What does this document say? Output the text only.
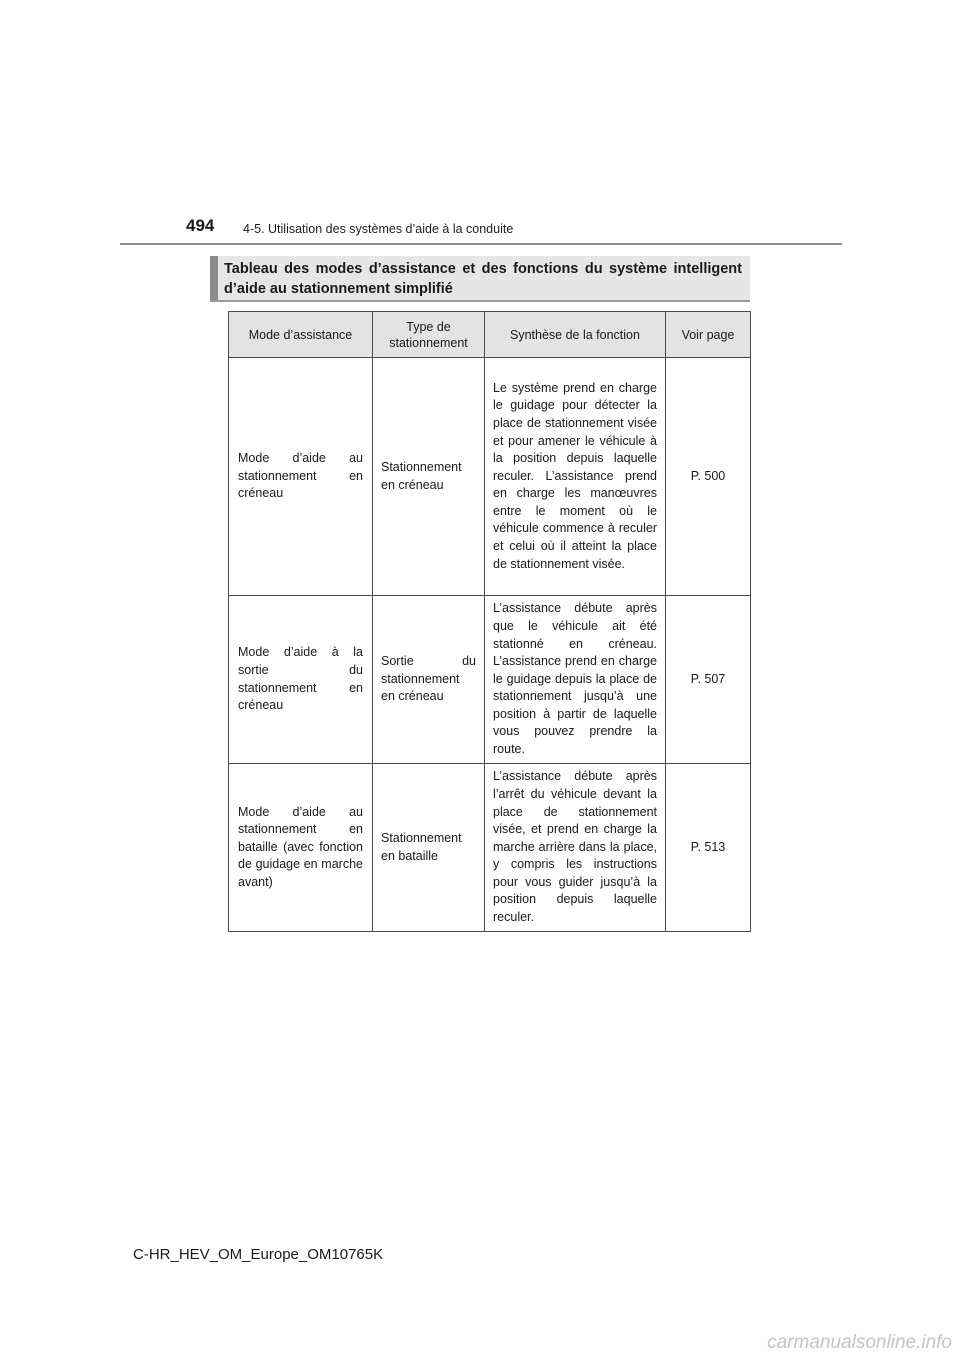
494 4-5. Utilisation des systèmes d’aide à la conduite
Tableau des modes d’assistance et des fonctions du système intelligent d’aide au stationnement simplifié
Mode d’assistance	Type de stationnement	Synthèse de la fonction	Voir page
Mode d’aide au stationnement en créneau	Stationnement en créneau	Le système prend en charge le guidage pour détecter la place de stationnement visée et pour amener le véhicule à la position depuis laquelle reculer. L’assistance prend en charge les manœuvres entre le moment où le véhicule commence à reculer et celui où il atteint la place de stationnement visée.	P. 500
Mode d’aide à la sortie du stationnement en créneau	Sortie du stationnement en créneau	L’assistance débute après que le véhicule ait été stationné en créneau. L’assistance prend en charge le guidage depuis la place de stationnement jusqu’à une position à partir de laquelle vous pouvez prendre la route.	P. 507
Mode d’aide au stationnement en bataille (avec fonction de guidage en marche avant)	Stationnement en bataille	L’assistance débute après l’arrêt du véhicule devant la place de stationnement visée, et prend en charge la marche arrière dans la place, y compris les instructions pour vous guider jusqu’à la position depuis laquelle reculer.	P. 513
C-HR_HEV_OM_Europe_OM10765K
carmanualsonline.info
